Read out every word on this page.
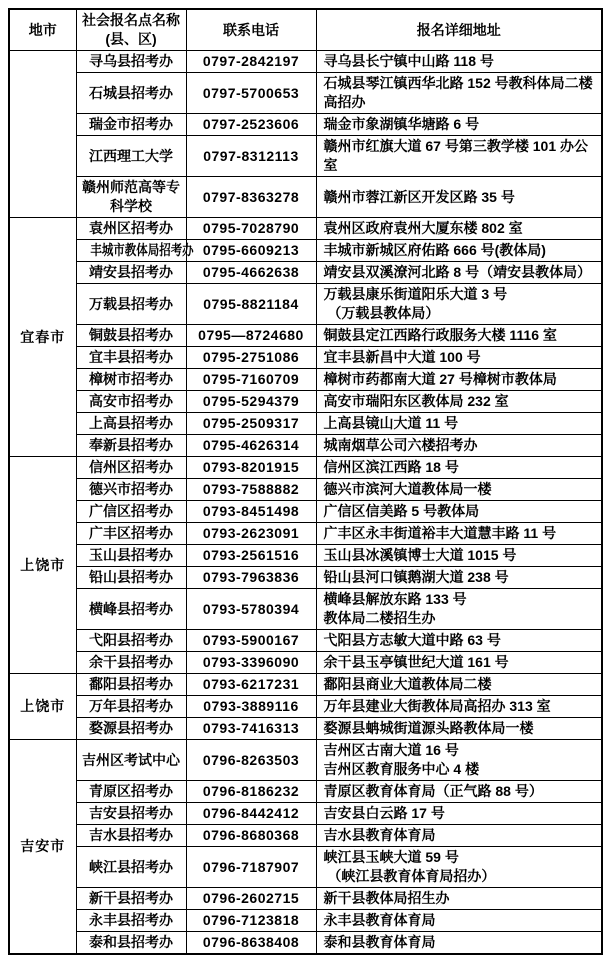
地市	社会报名点名称
(县、区)	联系电话	报名详细地址
	寻乌县招考办	0797-2842197	寻乌县长宁镇中山路 118 号

	石城县招考办	0797-5700653	石城县琴江镇西华北路 152 号教科体局二楼高招办

	瑞金市招考办	0797-2523606	瑞金市象湖镇华塘路 6 号

	江西理工大学	0797-8312113	赣州市红旗大道 67 号第三教学楼 101 办公室

	赣州师范高等专科学校	0797-8363278	赣州市蓉江新区开发区路 35 号

宜春市	袁州区招考办	0795-7028790	袁州区政府袁州大厦东楼 802 室

	丰城市教体局招考办	0795-6609213	丰城市新城区府佑路 666 号(教体局)

	靖安县招考办	0795-4662638	靖安县双溪潦河北路 8 号（靖安县教体局）

	万载县招考办	0795-8821184	万载县康乐街道阳乐大道 3 号
（万载县教体局）

	铜鼓县招考办	0795—8724680	铜鼓县定江西路行政服务大楼 1116 室

	宜丰县招考办	0795-2751086	宜丰县新昌中大道 100 号

	樟树市招考办	0795-7160709	樟树市药都南大道 27 号樟树市教体局

	高安市招考办	0795-5294379	高安市瑞阳东区教体局 232 室

	上高县招考办	0795-2509317	上高县镜山大道 11 号

	奉新县招考办	0795-4626314	城南烟草公司六楼招考办

上饶市	信州区招考办	0793-8201915	信州区滨江西路 18 号

	德兴市招考办	0793-7588882	德兴市滨河大道教体局一楼

	广信区招考办	0793-8451498	广信区信美路 5 号教体局

	广丰区招考办	0793-2623091	广丰区永丰街道裕丰大道慧丰路 11 号

	玉山县招考办	0793-2561516	玉山县冰溪镇博士大道 1015 号

	铅山县招考办	0793-7963836	铅山县河口镇鹅湖大道 238 号

	横峰县招考办	0793-5780394	横峰县解放东路 133 号
教体局二楼招生办

	弋阳县招考办	0793-5900167	弋阳县方志敏大道中路 63 号

	余干县招考办	0793-3396090	余干县玉亭镇世纪大道 161 号

上饶市	鄱阳县招考办	0793-6217231	鄱阳县商业大道教体局二楼

	万年县招考办	0793-3889116	万年县建业大街教体局高招办 313 室

	婺源县招考办	0793-7416313	婺源县蚺城街道源头路教体局一楼

吉安市	吉州区考试中心	0796-8263503	吉州区古南大道 16 号
吉州区教育服务中心 4 楼

	青原区招考办	0796-8186232	青原区教育体育局（正气路 88 号）

	吉安县招考办	0796-8442412	吉安县白云路 17 号

	吉水县招考办	0796-8680368	吉水县教育体育局

	峡江县招考办	0796-7187907	峡江县玉峡大道 59 号
（峡江县教育体育局招办）

	新干县招考办	0796-2602715	新干县教体局招生办

	永丰县招考办	0796-7123818	永丰县教育体育局

	泰和县招考办	0796-8638408	泰和县教育体育局
